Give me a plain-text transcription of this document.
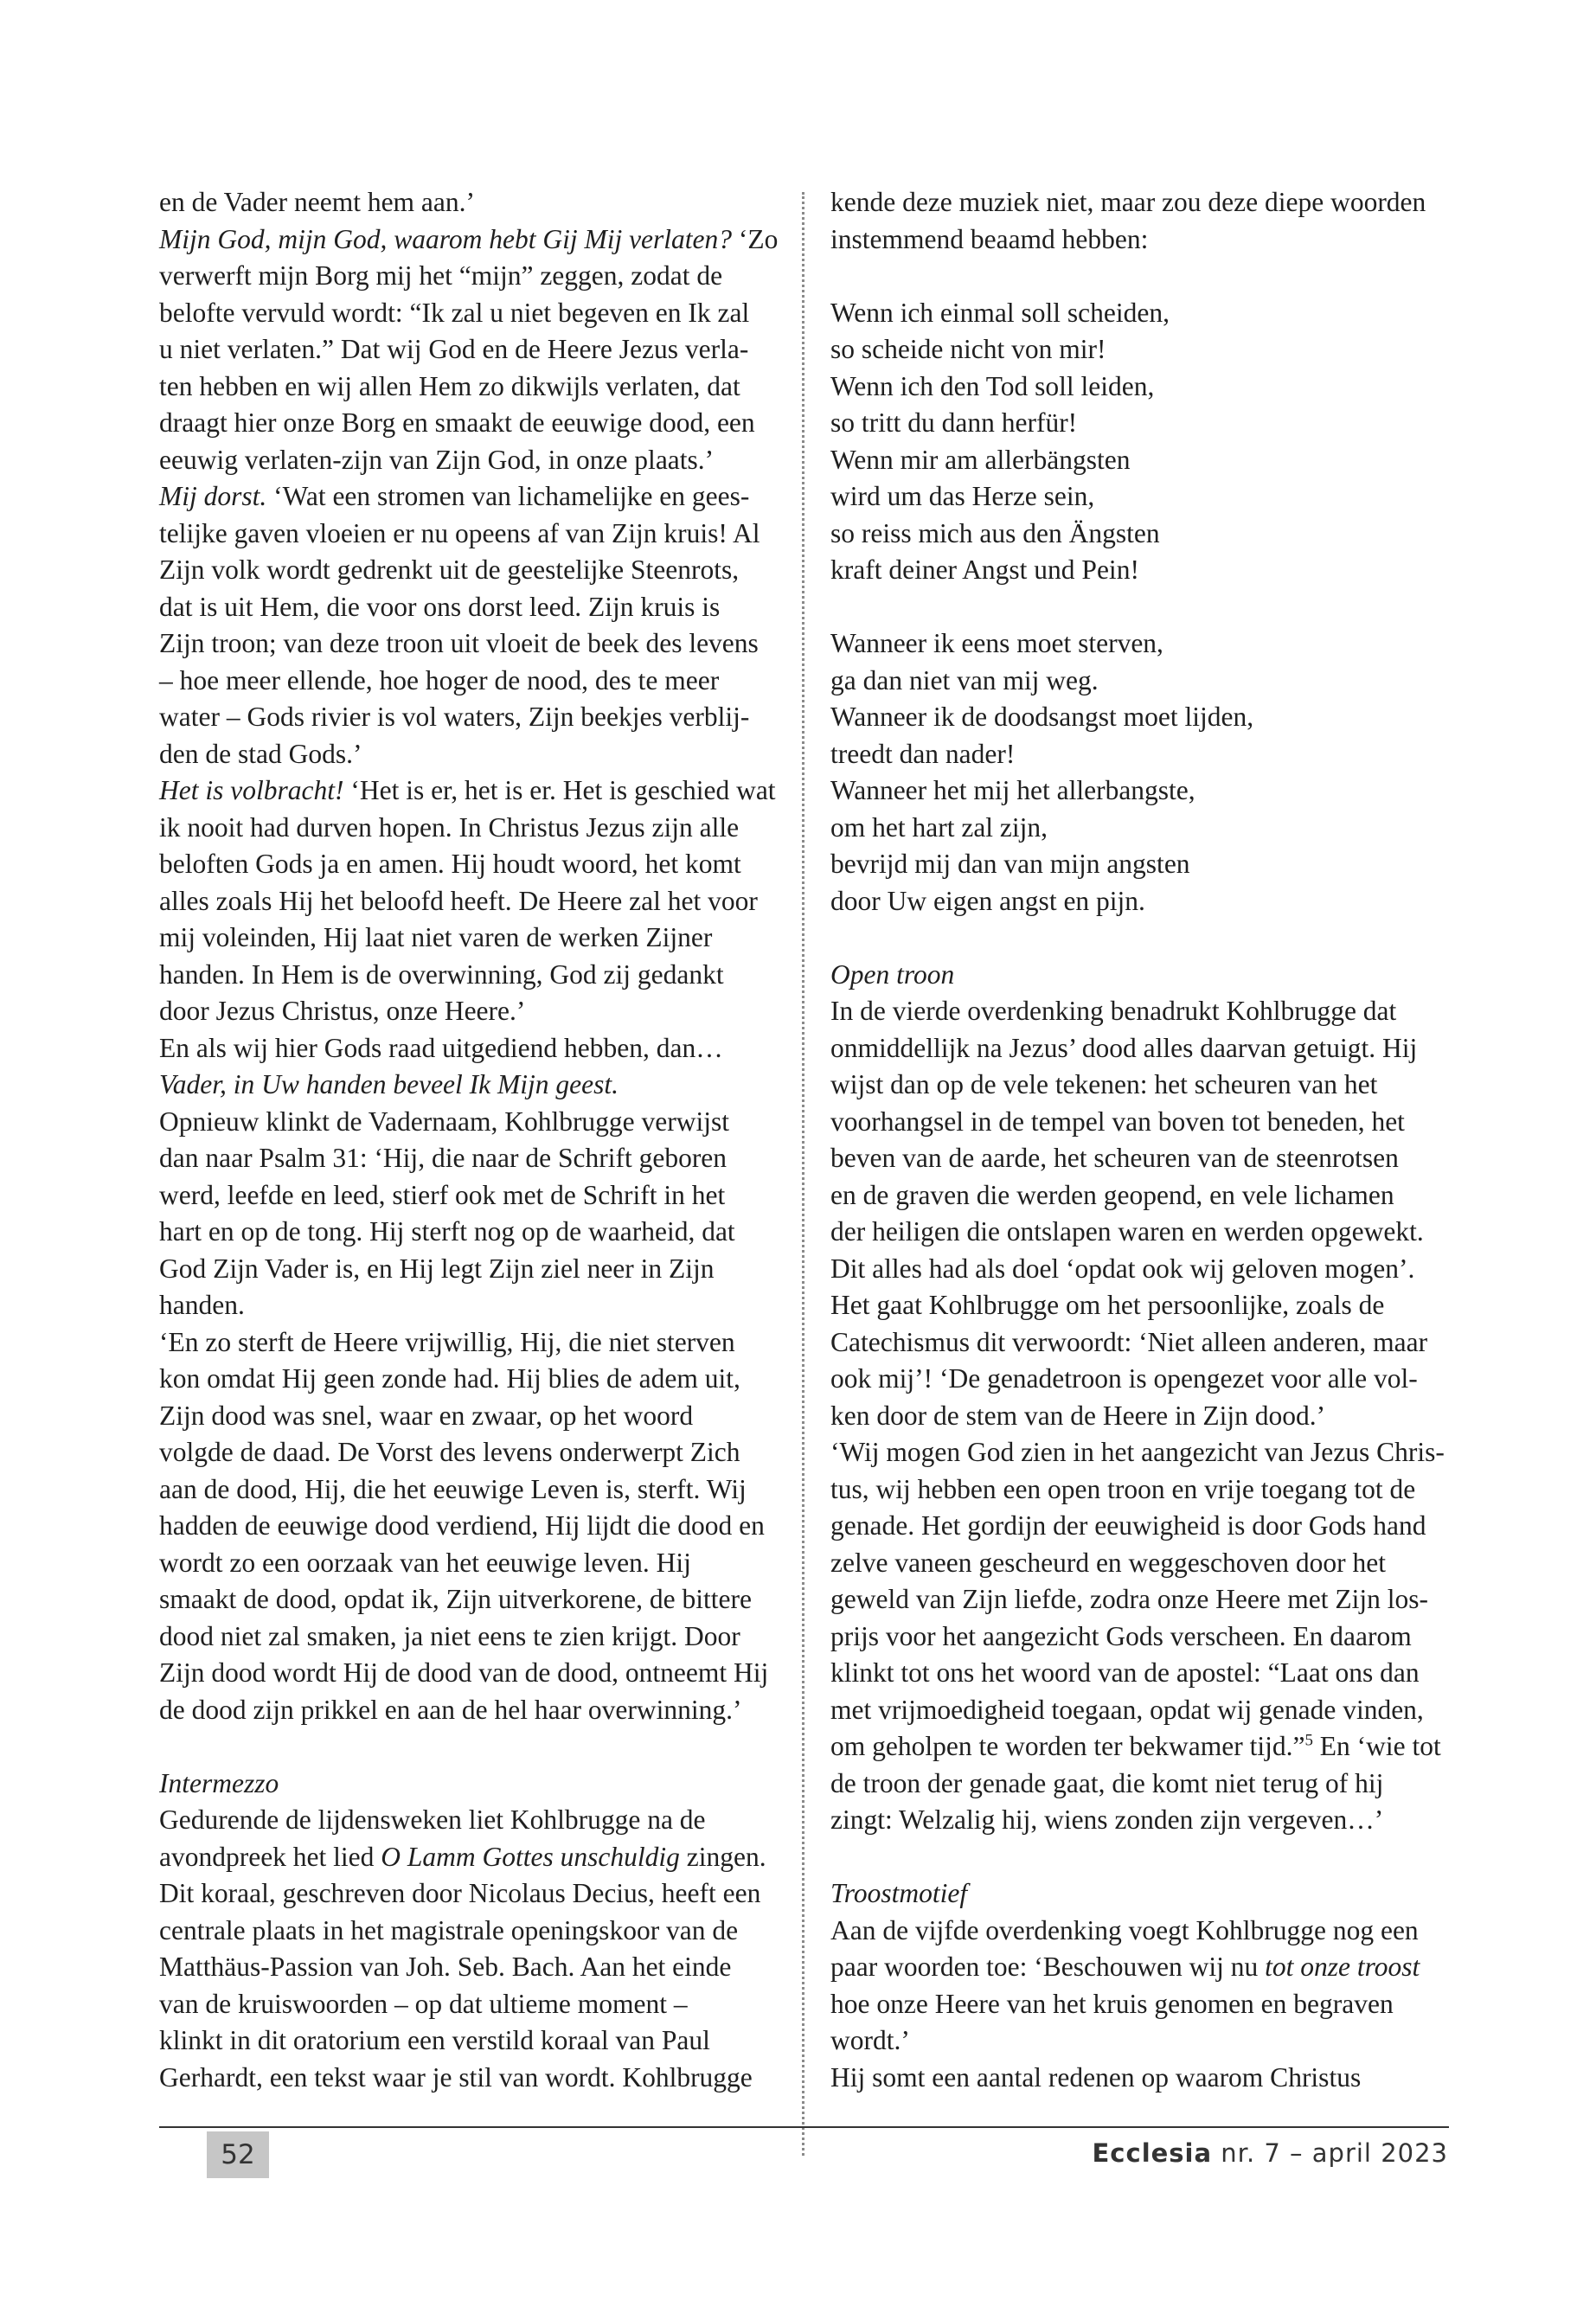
en de Vader neemt hem aan.’
Mijn God, mijn God, waarom hebt Gij Mij verlaten? ‘Zo
verwerft mijn Borg mij het “mijn” zeggen, zodat de
belofte vervuld wordt: “Ik zal u niet begeven en Ik zal
u niet verlaten.” Dat wij God en de Heere Jezus verla-
ten hebben en wij allen Hem zo dikwijls verlaten, dat
draagt hier onze Borg en smaakt de eeuwige dood, een
eeuwig verlaten-zijn van Zijn God, in onze plaats.’
Mij dorst. ‘Wat een stromen van lichamelijke en gees-
telijke gaven vloeien er nu opeens af van Zijn kruis! Al
Zijn volk wordt gedrenkt uit de geestelijke Steenrots,
dat is uit Hem, die voor ons dorst leed. Zijn kruis is
Zijn troon; van deze troon uit vloeit de beek des levens
– hoe meer ellende, hoe hoger de nood, des te meer
water – Gods rivier is vol waters, Zijn beekjes verblij-
den de stad Gods.’
Het is volbracht! ‘Het is er, het is er. Het is geschied wat
ik nooit had durven hopen. In Christus Jezus zijn alle
beloften Gods ja en amen. Hij houdt woord, het komt
alles zoals Hij het beloofd heeft. De Heere zal het voor
mij voleinden, Hij laat niet varen de werken Zijner
handen. In Hem is de overwinning, God zij gedankt
door Jezus Christus, onze Heere.’
En als wij hier Gods raad uitgediend hebben, dan…
Vader, in Uw handen beveel Ik Mijn geest.
Opnieuw klinkt de Vadernaam, Kohlbrugge verwijst
dan naar Psalm 31: ‘Hij, die naar de Schrift geboren
werd, leefde en leed, stierf ook met de Schrift in het
hart en op de tong. Hij sterft nog op de waarheid, dat
God Zijn Vader is, en Hij legt Zijn ziel neer in Zijn
handen.
‘En zo sterft de Heere vrijwillig, Hij, die niet sterven
kon omdat Hij geen zonde had. Hij blies de adem uit,
Zijn dood was snel, waar en zwaar, op het woord
volgde de daad. De Vorst des levens onderwerpt Zich
aan de dood, Hij, die het eeuwige Leven is, sterft. Wij
hadden de eeuwige dood verdiend, Hij lijdt die dood en
wordt zo een oorzaak van het eeuwige leven. Hij
smaakt de dood, opdat ik, Zijn uitverkorene, de bittere
dood niet zal smaken, ja niet eens te zien krijgt. Door
Zijn dood wordt Hij de dood van de dood, ontneemt Hij
de dood zijn prikkel en aan de hel haar overwinning.’
Intermezzo
Gedurende de lijdensweken liet Kohlbrugge na de
avondpreek het lied O Lamm Gottes unschuldig zingen.
Dit koraal, geschreven door Nicolaus Decius, heeft een
centrale plaats in het magistrale openingskoor van de
Matthäus-Passion van Joh. Seb. Bach. Aan het einde
van de kruiswoorden – op dat ultieme moment –
klinkt in dit oratorium een verstild koraal van Paul
Gerhardt, een tekst waar je stil van wordt. Kohlbrugge
kende deze muziek niet, maar zou deze diepe woorden
instemmend beaamd hebben:
Wenn ich einmal soll scheiden,
so scheide nicht von mir!
Wenn ich den Tod soll leiden,
so tritt du dann herfür!
Wenn mir am allerbängsten
wird um das Herze sein,
so reiss mich aus den Ängsten
kraft deiner Angst und Pein!
Wanneer ik eens moet sterven,
ga dan niet van mij weg.
Wanneer ik de doodsangst moet lijden,
treedt dan nader!
Wanneer het mij het allerbangste,
om het hart zal zijn,
bevrijd mij dan van mijn angsten
door Uw eigen angst en pijn.
Open troon
In de vierde overdenking benadrukt Kohlbrugge dat
onmiddellijk na Jezus’ dood alles daarvan getuigt. Hij
wijst dan op de vele tekenen: het scheuren van het
voorhangsel in de tempel van boven tot beneden, het
beven van de aarde, het scheuren van de steenrotsen
en de graven die werden geopend, en vele lichamen
der heiligen die ontslapen waren en werden opgewekt.
Dit alles had als doel ‘opdat ook wij geloven mogen’.
Het gaat Kohlbrugge om het persoonlijke, zoals de
Catechismus dit verwoordt: ‘Niet alleen anderen, maar
ook mij’! ‘De genadetroon is opengezet voor alle vol-
ken door de stem van de Heere in Zijn dood.’
‘Wij mogen God zien in het aangezicht van Jezus Chris-
tus, wij hebben een open troon en vrije toegang tot de
genade. Het gordijn der eeuwigheid is door Gods hand
zelve vaneen gescheurd en weggeschoven door het
geweld van Zijn liefde, zodra onze Heere met Zijn los-
prijs voor het aangezicht Gods verscheen. En daarom
klinkt tot ons het woord van de apostel: “Laat ons dan
met vrijmoedigheid toegaan, opdat wij genade vinden,
om geholpen te worden ter bekwamer tijd.”$^5$ En ‘wie tot
de troon der genade gaat, die komt niet terug of hij
zingt: Welzalig hij, wiens zonden zijn vergeven…’
Troostmotief
Aan de vijfde overdenking voegt Kohlbrugge nog een
paar woorden toe: ‘Beschouwen wij nu tot onze troost
hoe onze Heere van het kruis genomen en begraven
wordt.’
Hij somt een aantal redenen op waarom Christus
52	Ecclesia nr. 7 – april 2023
